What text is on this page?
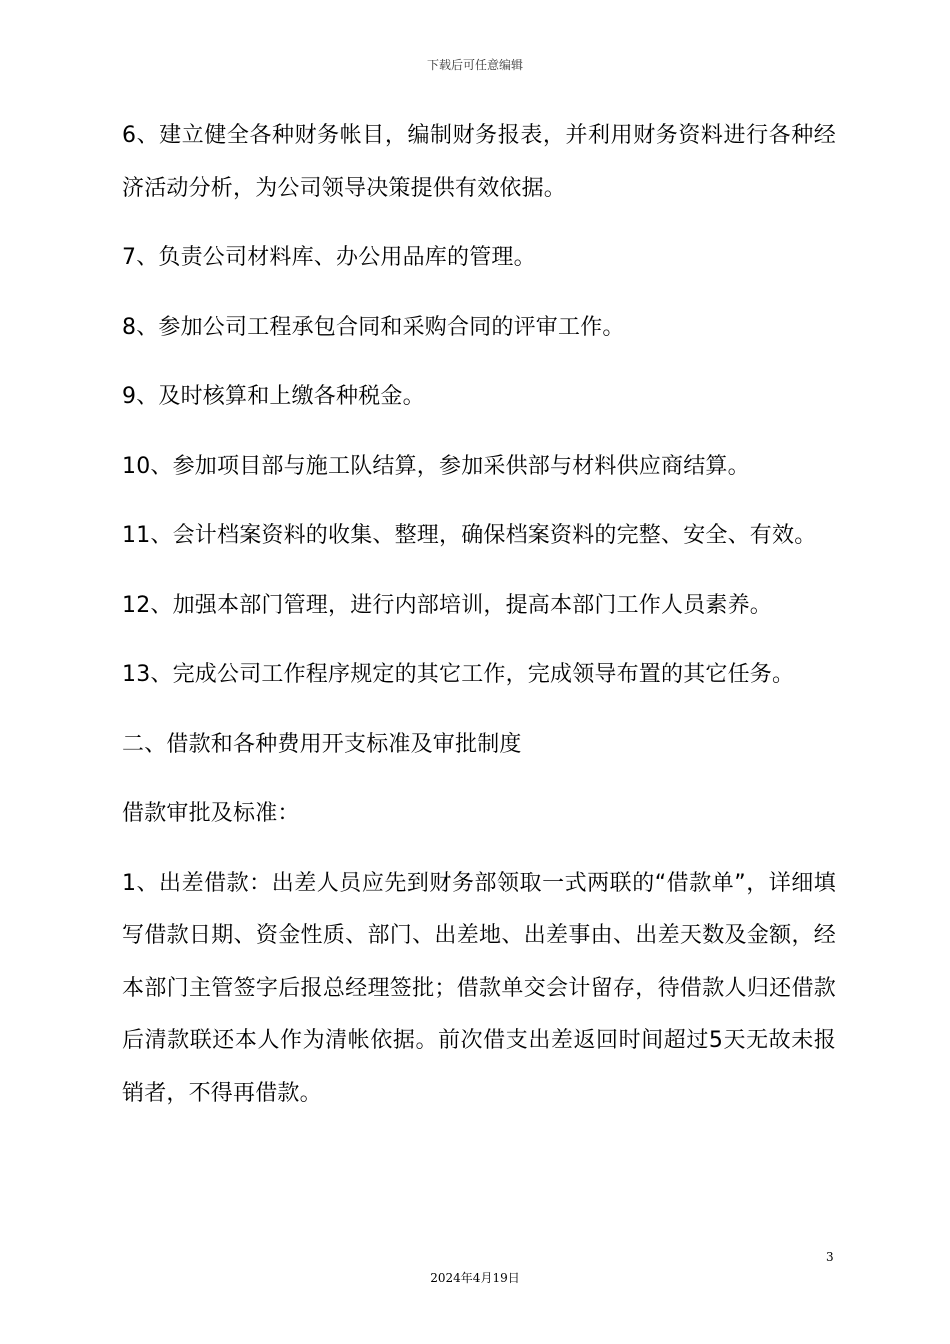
下载后可任意编辑

6、建立健全各种财务帐目，编制财务报表，并利用财务资料进行各种经济活动分析，为公司领导决策提供有效依据。

7、负责公司材料库、办公用品库的管理。

8、参加公司工程承包合同和采购合同的评审工作。

9、及时核算和上缴各种税金。

10、参加项目部与施工队结算，参加采供部与材料供应商结算。

11、会计档案资料的收集、整理，确保档案资料的完整、安全、有效。

12、加强本部门管理，进行内部培训，提高本部门工作人员素养。

13、完成公司工作程序规定的其它工作，完成领导布置的其它任务。

二、借款和各种费用开支标准及审批制度

借款审批及标准：

1、出差借款：出差人员应先到财务部领取一式两联的“借款单”，详细填写借款日期、资金性质、部门、出差地、出差事由、出差天数及金额，经本部门主管签字后报总经理签批；借款单交会计留存，待借款人归还借款后清款联还本人作为清帐依据。前次借支出差返回时间超过5天无故未报销者，不得再借款。

3
2024年4月19日
